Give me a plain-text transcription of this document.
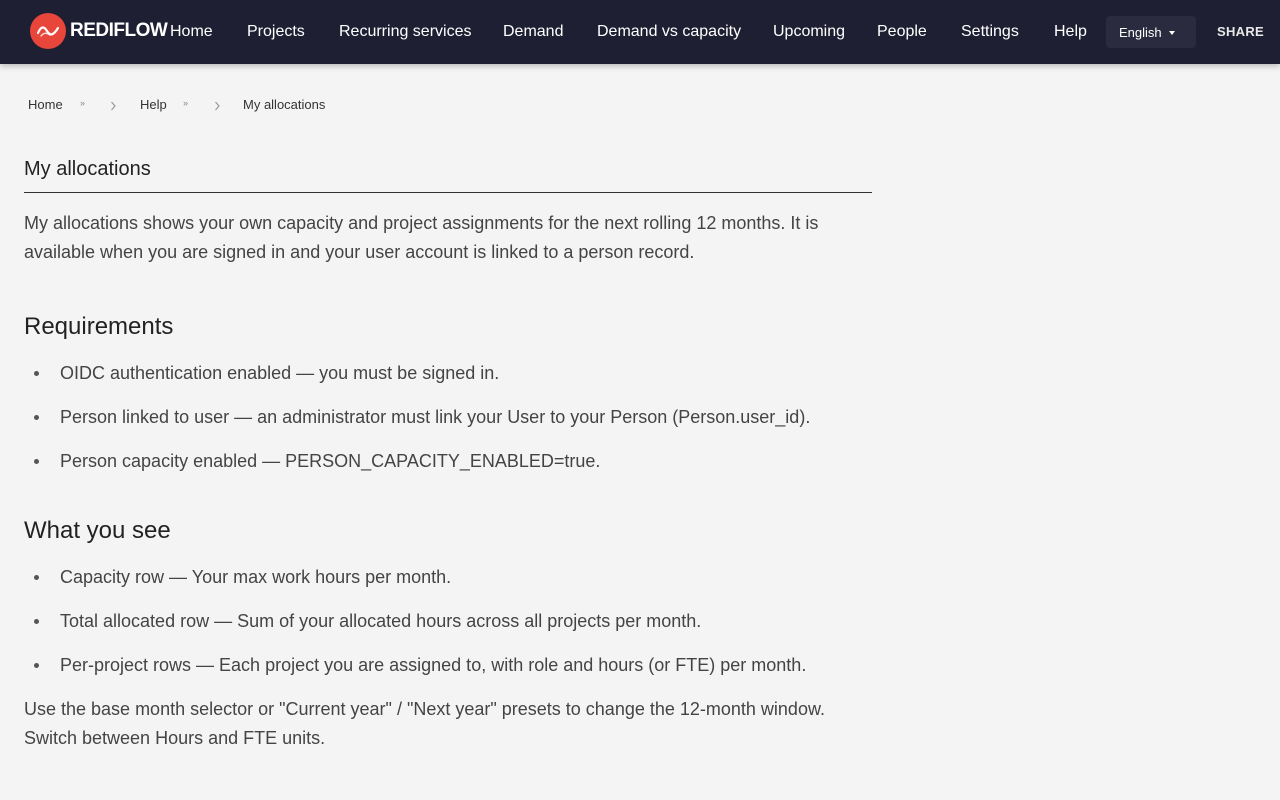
REDIFLOW Home Projects Recurring services Demand Demand vs capacity Upcoming People Settings Help English	SHARE
Home »	Help »	My allocations
My allocations

My allocations shows your own capacity and project assignments for the next rolling 12 months. It is available when you are signed in and your user account is linked to a person record.

Requirements
OIDC authentication enabled — you must be signed in.
Person linked to user — an administrator must link your User to your Person (Person.user_id).
Person capacity enabled — PERSON_CAPACITY_ENABLED=true.
What you see
Capacity row — Your max work hours per month.
Total allocated row — Sum of your allocated hours across all projects per month.
Per-project rows — Each project you are assigned to, with role and hours (or FTE) per month.

Use the base month selector or "Current year" / "Next year" presets to change the 12-month window. Switch between Hours and FTE units.
